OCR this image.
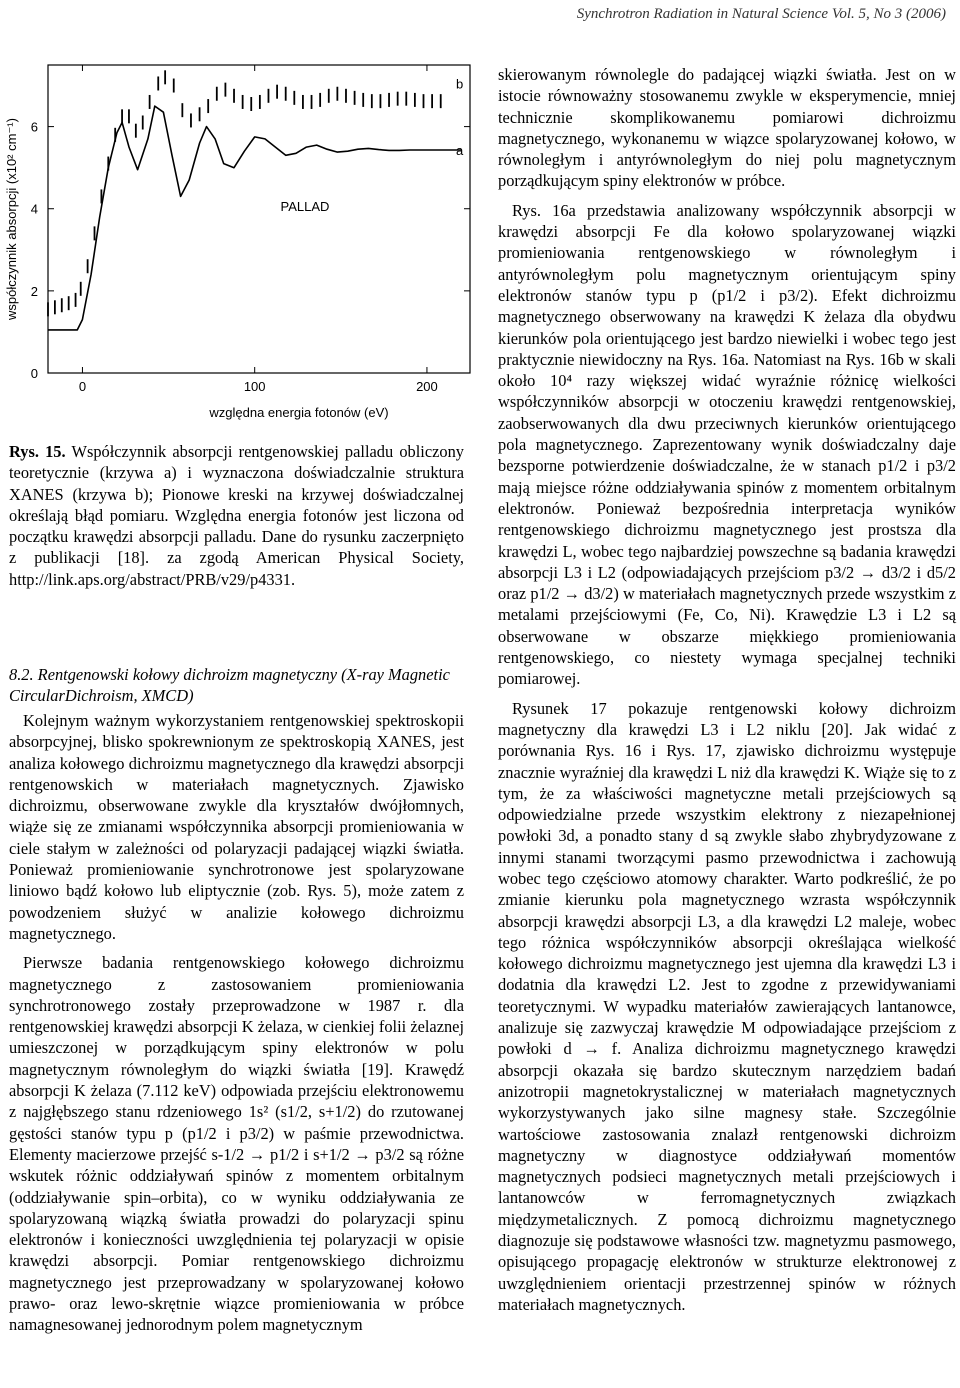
Synchrotron Radiation in Natural Science Vol. 5, No 3 (2006)
0
2
4
6
0	100	200
współczynnik absorpcji (x10² cm⁻¹)
względna energia fotonów (eV)
PALLAD
a
b
Rys. 15. Współczynnik absorpcji rentgenowskiej palladu obliczony teoretycznie (krzywa a) i wyznaczona doświadczalnie struktura XANES (krzywa b); Pionowe kreski na krzywej doświadczalnej określają błąd pomiaru. Względna energia fotonów jest liczona od początku krawędzi absorpcji palladu. Dane do rysunku zaczerpnięto z publikacji [18]. za zgodą American Physical Society, http://link.aps.org/abstract/PRB/v29/p4331.
8.2. Rentgenowski kołowy dichroizm magnetyczny (X-ray Magnetic CircularDichroism, XMCD)

Kolejnym ważnym wykorzystaniem rentgenowskiej spektroskopii absorpcyjnej, blisko spokrewnionym ze spektroskopią XANES, jest analiza kołowego dichroizmu magnetycznego dla krawędzi absorpcji rentgenowskich w materiałach magnetycznych. Zjawisko dichroizmu, obserwowane zwykle dla kryształów dwójłomnych, wiąże się ze zmianami współczynnika absorpcji promieniowania w ciele stałym w zależności od polaryzacji padającej wiązki światła. Ponieważ promieniowanie synchrotronowe jest spolaryzowane liniowo bądź kołowo lub eliptycznie (zob. Rys. 5), może zatem z powodzeniem służyć w analizie kołowego dichroizmu magnetycznego.

Pierwsze badania rentgenowskiego kołowego dichroizmu magnetycznego z zastosowaniem promieniowania synchrotronowego zostały przeprowadzone w 1987 r. dla rentgenowskiej krawędzi absorpcji K żelaza, w cienkiej folii żelaznej umieszczonej w porządkującym spiny elektronów w polu magnetycznym równoległym do wiązki światła [19]. Krawędź absorpcji K żelaza (7.112 keV) odpowiada przejściu elektronowemu z najgłębszego stanu rdzeniowego 1s² (s1/2, s+1/2) do rzutowanej gęstości stanów typu p (p1/2 i p3/2) w paśmie przewodnictwa. Elementy macierzowe przejść s-1/2 → p1/2 i s+1/2 → p3/2 są różne wskutek różnic oddziaływań spinów z momentem orbitalnym (oddziaływanie spin–orbita), co w wyniku oddziaływania ze spolaryzowaną wiązką światła prowadzi do polaryzacji spinu elektronów i konieczności uwzględnienia tej polaryzacji w opisie krawędzi absorpcji. Pomiar rentgenowskiego dichroizmu magnetycznego jest przeprowadzany w spolaryzowanej kołowo prawo- oraz lewo-skrętnie wiązce promieniowania w próbce namagnesowanej jednorodnym polem magnetycznym

skierowanym równolegle do padającej wiązki światła. Jest on w istocie równoważny stosowanemu zwykle w eksperymencie, mniej technicznie skomplikowanemu pomiarowi dichroizmu magnetycznego, wykonanemu w wiązce spolaryzowanej kołowo, w równoległym i antyrównoległym do niej polu magnetycznym porządkującym spiny elektronów w próbce.

Rys. 16a przedstawia analizowany współczynnik absorpcji w krawędzi absorpcji Fe dla kołowo spolaryzowanej wiązki promieniowania rentgenowskiego w równoległym i antyrównoległym polu magnetycznym orientującym spiny elektronów stanów typu p (p1/2 i p3/2). Efekt dichroizmu magnetycznego obserwowany na krawędzi K żelaza dla obydwu kierunków pola orientującego jest bardzo niewielki i wobec tego jest praktycznie niewidoczny na Rys. 16a. Natomiast na Rys. 16b w skali około 10⁴ razy większej widać wyraźnie różnicę wielkości współczynników absorpcji w otoczeniu krawędzi rentgenowskiej, zaobserwowanych dla dwu przeciwnych kierunków orientującego pola magnetycznego. Zaprezentowany wynik doświadczalny daje bezsporne potwierdzenie doświadczalne, że w stanach p1/2 i p3/2 mają miejsce różne oddziaływania spinów z momentem orbitalnym elektronów. Ponieważ bezpośrednia interpretacja wyników rentgenowskiego dichroizmu magnetycznego jest prostsza dla krawędzi L, wobec tego najbardziej powszechne są badania krawędzi absorpcji L3 i L2 (odpowiadających przejściom p3/2 → d3/2 i d5/2 oraz p1/2 → d3/2) w materiałach magnetycznych przede wszystkim z metalami przejściowymi (Fe, Co, Ni). Krawędzie L3 i L2 są obserwowane w obszarze miękkiego promieniowania rentgenowskiego, co niestety wymaga specjalnej techniki pomiarowej.

Rysunek 17 pokazuje rentgenowski kołowy dichroizm magnetyczny dla krawędzi L3 i L2 niklu [20]. Jak widać z porównania Rys. 16 i Rys. 17, zjawisko dichroizmu występuje znacznie wyraźniej dla krawędzi L niż dla krawędzi K. Wiąże się to z tym, że za właściwości magnetyczne metali przejściowych są odpowiedzialne przede wszystkim elektrony z niezapełnionej powłoki 3d, a ponadto stany d są zwykle słabo zhybrydyzowane z innymi stanami tworzącymi pasmo przewodnictwa i zachowują wobec tego częściowo atomowy charakter. Warto podkreślić, że po zmianie kierunku pola magnetycznego wzrasta współczynnik absorpcji krawędzi absorpcji L3, a dla krawędzi L2 maleje, wobec tego różnica współczynników absorpcji określająca wielkość kołowego dichroizmu magnetycznego jest ujemna dla krawędzi L3 i dodatnia dla krawędzi L2. Jest to zgodne z przewidywaniami teoretycznymi. W wypadku materiałów zawierających lantanowce, analizuje się zazwyczaj krawędzie M odpowiadające przejściom z powłoki d → f. Analiza dichroizmu magnetycznego krawędzi absorpcji okazała się bardzo skutecznym narzędziem badań anizotropii magnetokrystalicznej w materiałach magnetycznych wykorzystywanych jako silne magnesy stałe. Szczególnie wartościowe zastosowania znalazł rentgenowski dichroizm magnetyczny w diagnostyce oddziaływań momentów magnetycznych podsieci magnetycznych metali przejściowych i lantanowców w ferromagnetycznych związkach międzymetalicznych. Z pomocą dichroizmu magnetycznego diagnozuje się podstawowe własności tzw. magnetyzmu pasmowego, opisującego propagację elektronów w strukturze elektronowej z uwzględnieniem orientacji przestrzennej spinów w różnych materiałach magnetycznych.
